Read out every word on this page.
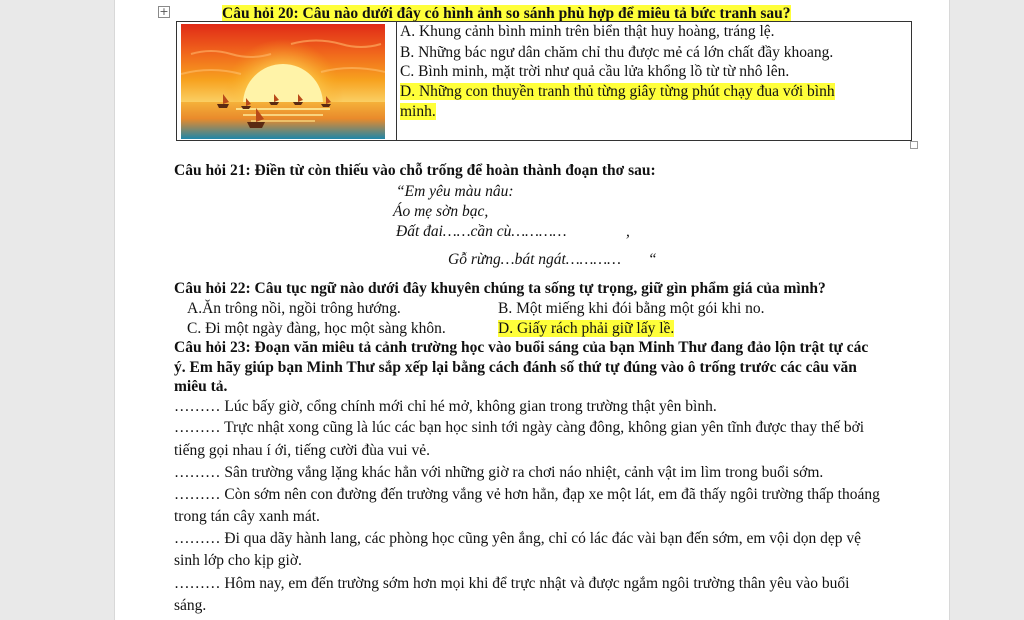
+	Câu hỏi 20: Câu nào dưới đây có hình ảnh so sánh phù hợp để miêu tả bức tranh sau?
A. Khung cảnh bình minh trên biển thật huy hoàng, tráng lệ.
B. Những bác ngư dân chăm chỉ thu được mẻ cá lớn chất đầy khoang.
C. Bình minh, mặt trời như quả cầu lửa khổng lồ từ từ nhô lên.
D. Những con thuyền tranh thủ từng giây từng phút chạy đua với bình
minh.
Câu hỏi 21: Điền từ còn thiếu vào chỗ trống để hoàn thành đoạn thơ sau:
“Em yêu màu nâu:
Áo mẹ sờn bạc,
Đất đai……cần cù…………	,
Gỗ rừng…bát ngát………… “
Câu hỏi 22: Câu tục ngữ nào dưới đây khuyên chúng ta sống tự trọng, giữ gìn phẩm giá của mình?
A.Ăn trông nồi, ngồi trông hướng.	B. Một miếng khi đói bằng một gói khi no.
C. Đi một ngày đàng, học một sàng khôn.	D. Giấy rách phải giữ lấy lề.
Câu hỏi 23: Đoạn văn miêu tả cảnh trường học vào buổi sáng của bạn Minh Thư đang đảo lộn trật tự các
ý. Em hãy giúp bạn Minh Thư sắp xếp lại bằng cách đánh số thứ tự đúng vào ô trống trước các câu văn
miêu tả.
……… Lúc bấy giờ, cổng chính mới chỉ hé mở, không gian trong trường thật yên bình.
……… Trực nhật xong cũng là lúc các bạn học sinh tới ngày càng đông, không gian yên tĩnh được thay thế bởi
tiếng gọi nhau í ới, tiếng cười đùa vui vẻ.
……… Sân trường vắng lặng khác hẳn với những giờ ra chơi náo nhiệt, cảnh vật im lìm trong buổi sớm.
……… Còn sớm nên con đường đến trường vắng vẻ hơn hẳn, đạp xe một lát, em đã thấy ngôi trường thấp thoáng
trong tán cây xanh mát.
……… Đi qua dãy hành lang, các phòng học cũng yên ắng, chỉ có lác đác vài bạn đến sớm, em vội dọn dẹp vệ
sinh lớp cho kịp giờ.
……… Hôm nay, em đến trường sớm hơn mọi khi để trực nhật và được ngắm ngôi trường thân yêu vào buổi
sáng.
